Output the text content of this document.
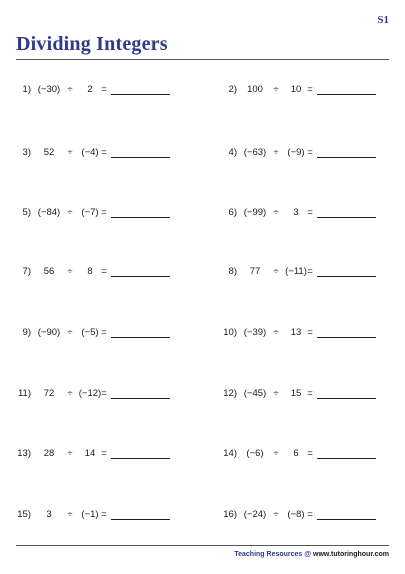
S1
Dividing Integers
1) (−30) ÷	2 =	2)	100	÷	10 =
3)	52	÷ (−4) =	4) (−63) ÷ (−9) =
5) (−84) ÷ (−7) =	6) (−99) ÷	3 =
7)	56	÷	8 =	8)	77	÷ (−11) =
9) (−90) ÷ (−5) =	10) (−39) ÷	13 =
11)	72	÷ (−12) =	12) (−45) ÷	15 =
13)	28	÷	14 =	14) (−6)	÷	6 =
15)	3	÷ (−1) =	16) (−24) ÷ (−8) =
Teaching Resources @ www.tutoringhour.com
